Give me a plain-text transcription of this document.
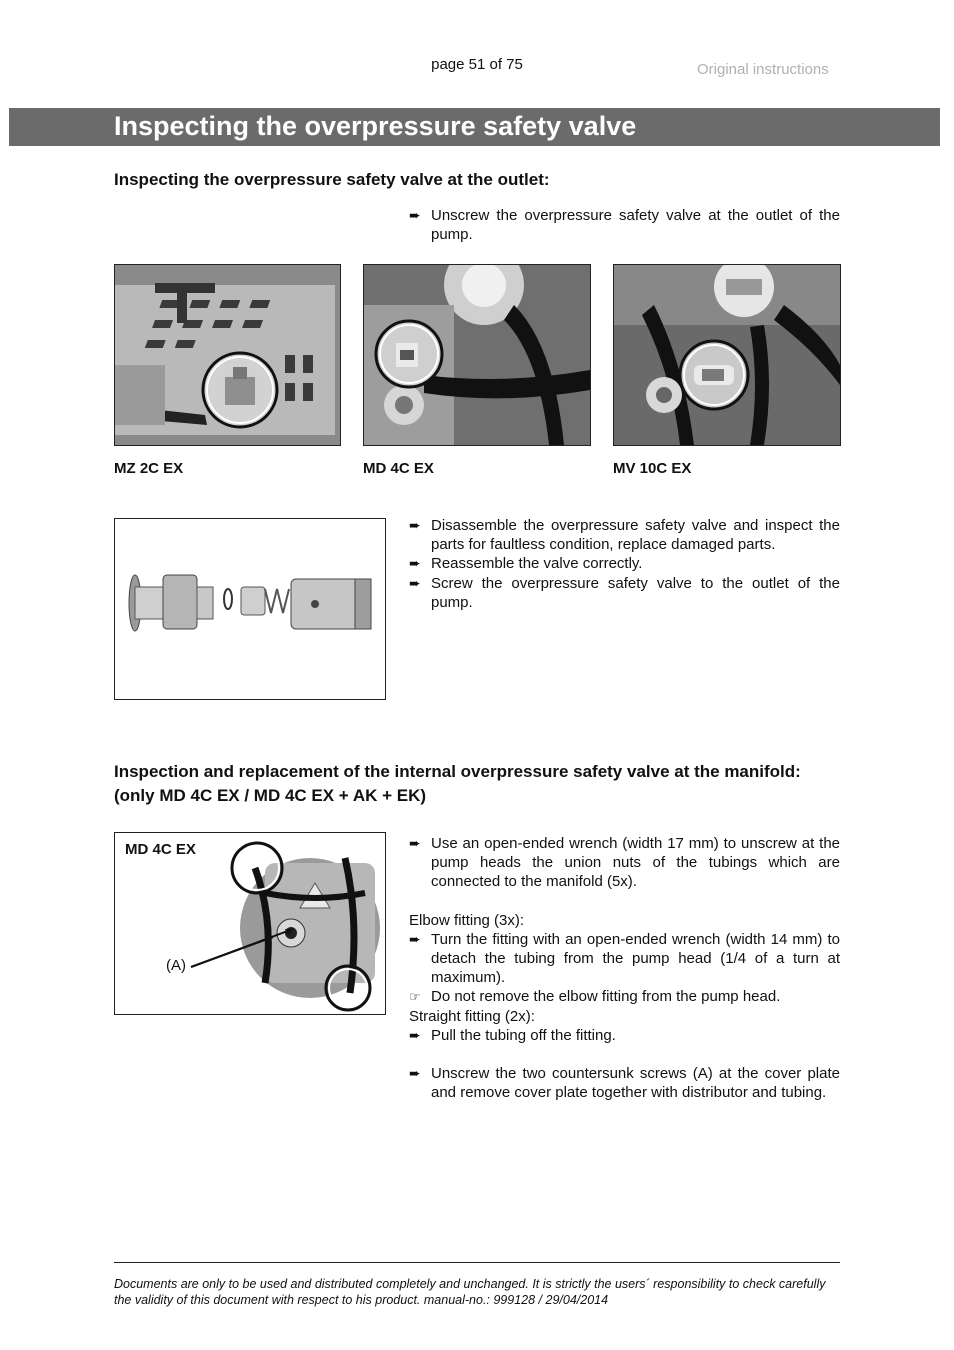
page 51 of 75	Original instructions
Inspecting the overpressure safety valve
Inspecting the overpressure safety valve at the outlet:
➨ Unscrew the overpressure safety valve at the outlet of the pump.
MZ 2C EX	MD 4C EX	MV 10C EX
➨ Disassemble the overpressure safety valve and inspect the parts for faultless condition, replace damaged parts.
➨ Reassemble the valve correctly.
➨ Screw the overpressure safety valve to the outlet of the pump.
Inspection and replacement of the internal overpressure safety valve at the manifold:
(only MD 4C EX / MD 4C EX + AK + EK)
MD 4C EX
(A)
➨ Use an open-ended wrench (width 17 mm) to unscrew at the pump heads the union nuts of the tubings which are connected to the manifold (5x).
Elbow fitting (3x):
➨ Turn the fitting with an open-ended wrench (width 14 mm) to detach the tubing from the pump head (1/4 of a turn at maximum).
☞ Do not remove the elbow fitting from the pump head.
Straight fitting (2x):
➨ Pull the tubing off the fitting.
➨ Unscrew the two countersunk screws (A) at the cover plate and remove cover plate together with distributor and tubing.
Documents are only to be used and distributed completely and unchanged. It is strictly the users´ responsibility to check carefully the validity of this document with respect to his product. manual-no.: 999128 / 29/04/2014
